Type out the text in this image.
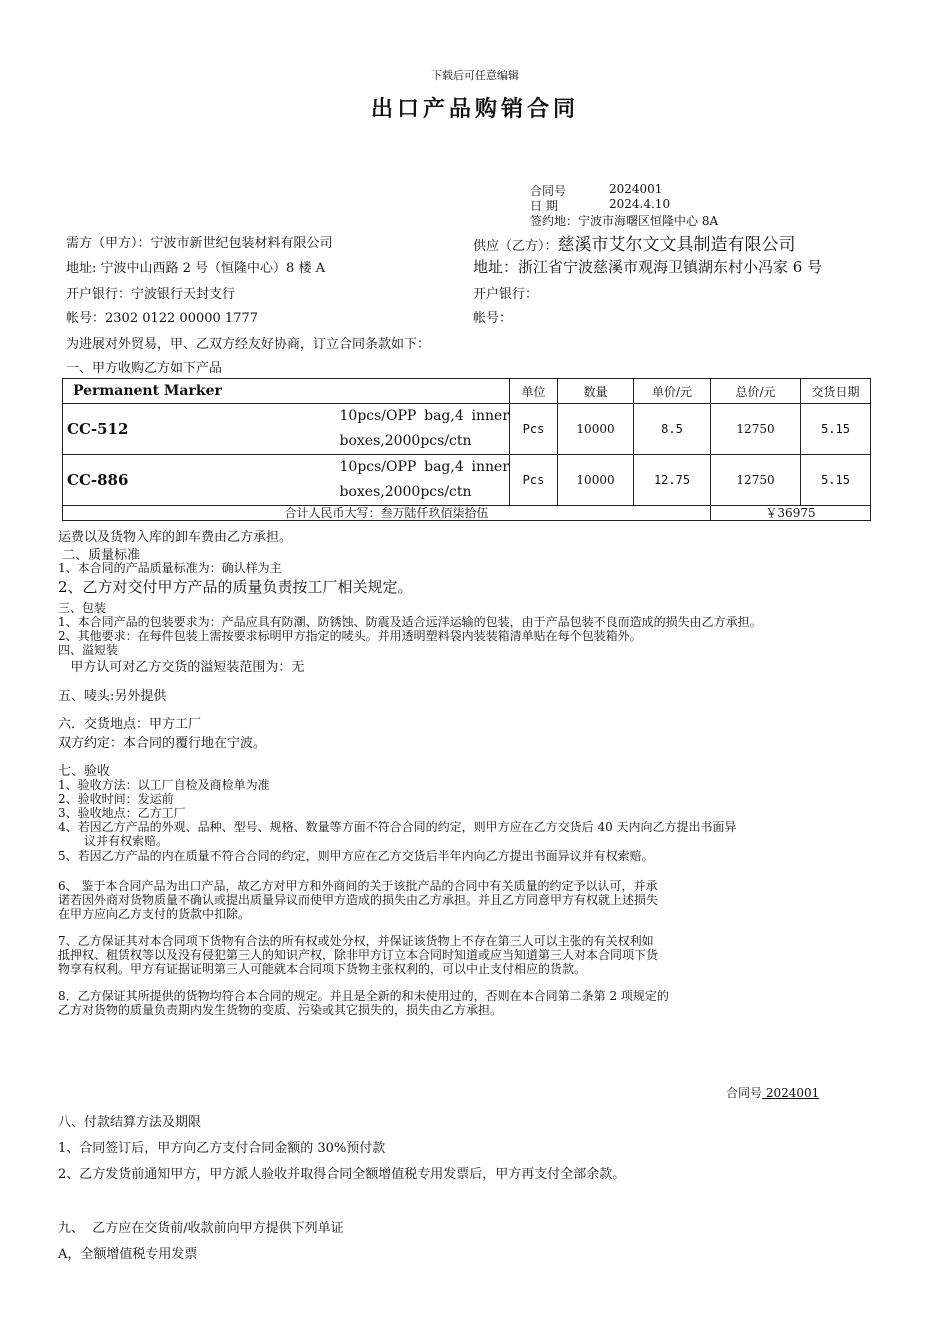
下载后可任意编辑
出口产品购销合同
合同号	2024001
日 期	2024.4.10
签约地：宁波市海曙区恒隆中心 8A
需方（甲方）：宁波市新世纪包装材料有限公司
地址: 宁波中山西路 2 号（恒隆中心）8 楼 A
开户银行：宁波银行天封支行
帐号：2302 0122 00000 1777
供应（乙方）：慈溪市艾尔文文具制造有限公司
地址：浙江省宁波慈溪市观海卫镇湖东村小冯家 6 号
开户银行：
帐号：
为进展对外贸易，甲、乙双方经友好协商，订立合同条款如下：
一、甲方收购乙方如下产品
Permanent Marker		单位	数量	单价/元	总价/元	交货日期
CC-512	10pcs/OPP bag,4 inner
boxes,2000pcs/ctn	Pcs	10000	8.5	12750	5.15
CC-886	10pcs/OPP bag,4 inner
boxes,2000pcs/ctn	Pcs	10000	12.75	12750	5.15
合计人民币大写：叁万陆仟玖佰柒拾伍					￥36975	
运费以及货物入库的卸车费由乙方承担。
二、质量标准
1、本合同的产品质量标准为：确认样为主
2、乙方对交付甲方产品的质量负责按工厂相关规定。
三、包装
1、本合同产品的包装要求为：产品应具有防潮、防锈蚀、防震及适合远洋运输的包装，由于产品包装不良而造成的损失由乙方承担。
2、其他要求：在每件包装上需按要求标明甲方指定的唛头。并用透明塑料袋内装装箱清单贴在每个包装箱外。
四、溢短装
甲方认可对乙方交货的溢短装范围为：无
五、唛头:另外提供
六．交货地点：甲方工厂
双方约定：本合同的覆行地在宁波。
七、验收
1、验收方法：以工厂自检及商检单为准
2、验收时间：发运前
3、验收地点：乙方工厂
4、若因乙方产品的外观、品种、型号、规格、数量等方面不符合合同的约定，则甲方应在乙方交货后 40 天内向乙方提出书面异
议并有权索赔。
5、若因乙方产品的内在质量不符合合同的约定，则甲方应在乙方交货后半年内向乙方提出书面异议并有权索赔。
6、 鉴于本合同产品为出口产品，故乙方对甲方和外商间的关于该批产品的合同中有关质量的约定予以认可，并承
诺若因外商对货物质量不确认或提出质量异议而使甲方造成的损失由乙方承担。并且乙方同意甲方有权就上述损失
在甲方应向乙方支付的货款中扣除。
7、乙方保证其对本合同项下货物有合法的所有权或处分权，并保证该货物上不存在第三人可以主张的有关权利如
抵押权、租赁权等以及没有侵犯第三人的知识产权，除非甲方订立本合同时知道或应当知道第三人对本合同项下货
物享有权利。甲方有证据证明第三人可能就本合同项下货物主张权利的，可以中止支付相应的货款。
8．乙方保证其所提供的货物均符合本合同的规定。并且是全新的和未使用过的，否则在本合同第二条第 2 项规定的
乙方对货物的质量负责期内发生货物的变质、污染或其它损失的，损失由乙方承担。
合同号 2024001
八、付款结算方法及期限
1、合同签订后，甲方向乙方支付合同金额的 30%预付款
2、乙方发货前通知甲方，甲方派人验收并取得合同全额增值税专用发票后，甲方再支付全部余款。
九、  乙方应在交货前/收款前向甲方提供下列单证
A，全额增值税专用发票
